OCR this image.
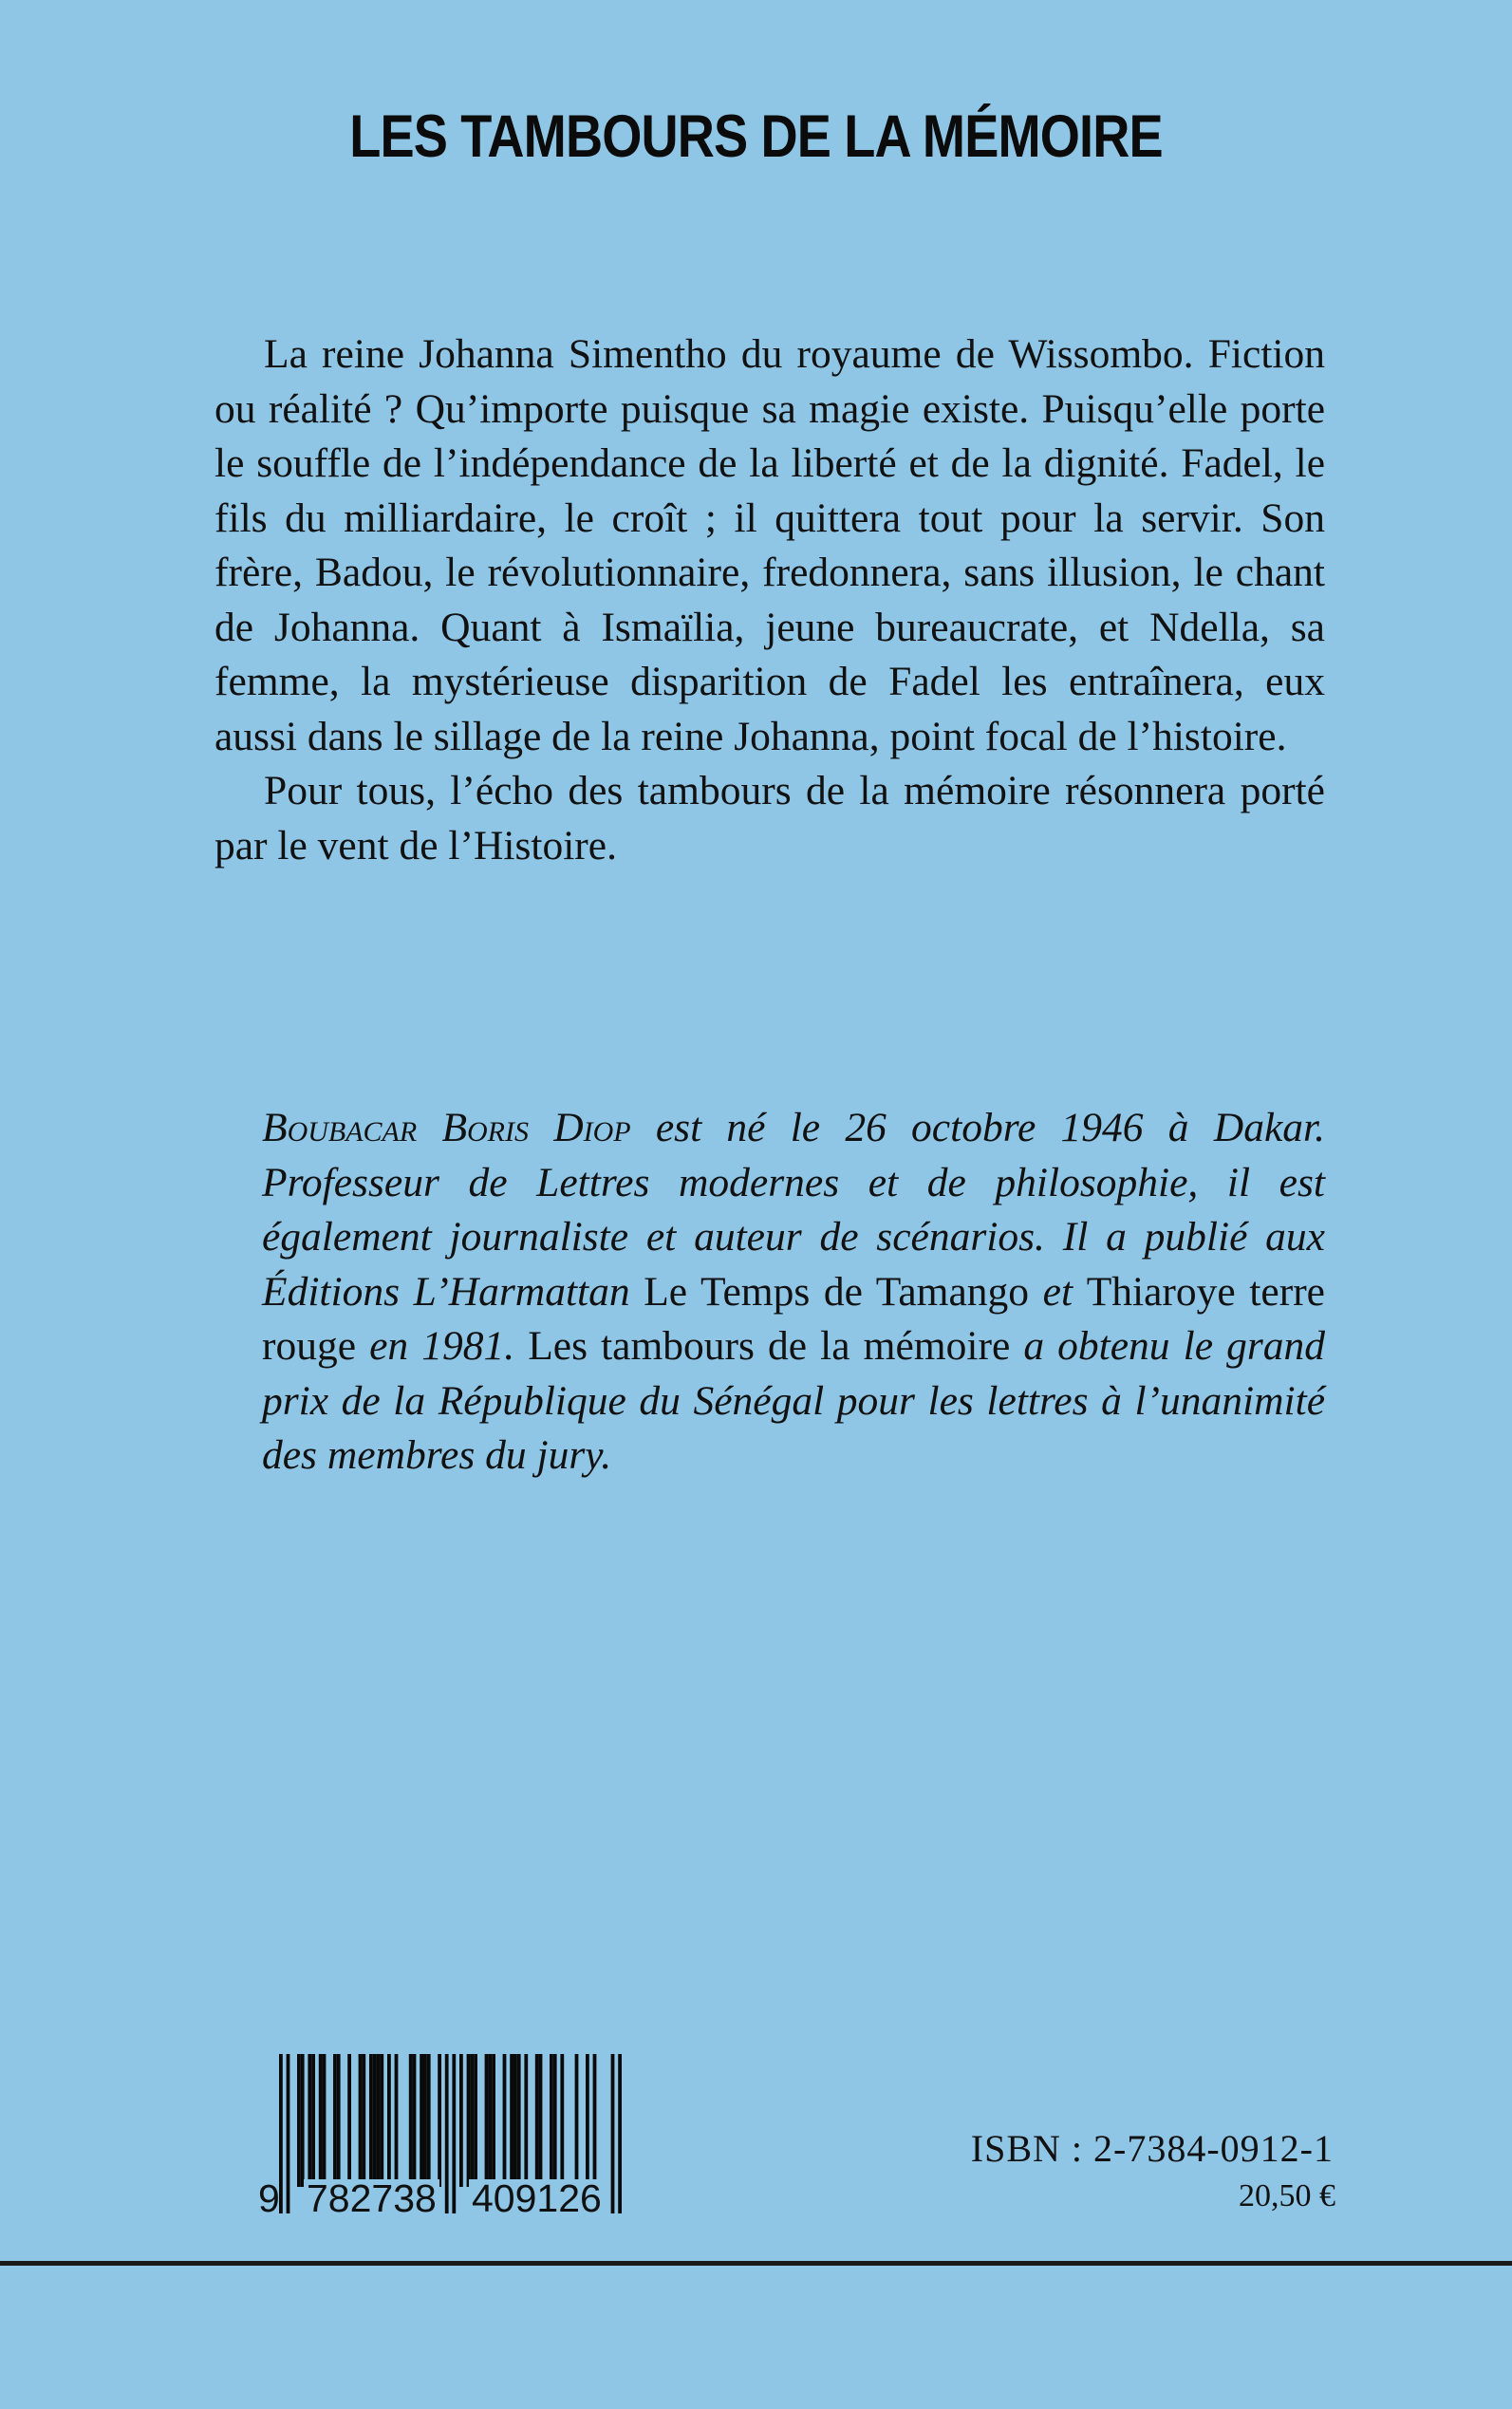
LES TAMBOURS DE LA MÉMOIRE

La reine Johanna Simentho du royaume de Wissombo. Fiction ou réalité ? Qu’importe puisque sa magie existe. Puisqu’elle porte le souffle de l’indépendance de la liberté et de la dignité. Fadel, le fils du milliardaire, le croît ; il quittera tout pour la servir. Son frère, Badou, le révolutionnaire, fredonnera, sans illusion, le chant de Johanna. Quant à Ismaïlia, jeune bureaucrate, et Ndella, sa femme, la mystérieuse disparition de Fadel les entraînera, eux aussi dans le sillage de la reine Johanna, point focal de l’histoire.

Pour tous, l’écho des tambours de la mémoire résonnera porté par le vent de l’Histoire.

Boubacar Boris Diop est né le 26 octobre 1946 à Dakar. Professeur de Lettres modernes et de philosophie, il est également journaliste et auteur de scénarios. Il a publié aux Éditions L’Harmattan Le Temps de Tamango et Thiaroye terre rouge en 1981. Les tambours de la mémoire a obtenu le grand prix de la République du Sénégal pour les lettres à l’unanimité des membres du jury.

9 782738 409126
ISBN : 2-7384-0912-1
20,50 €
